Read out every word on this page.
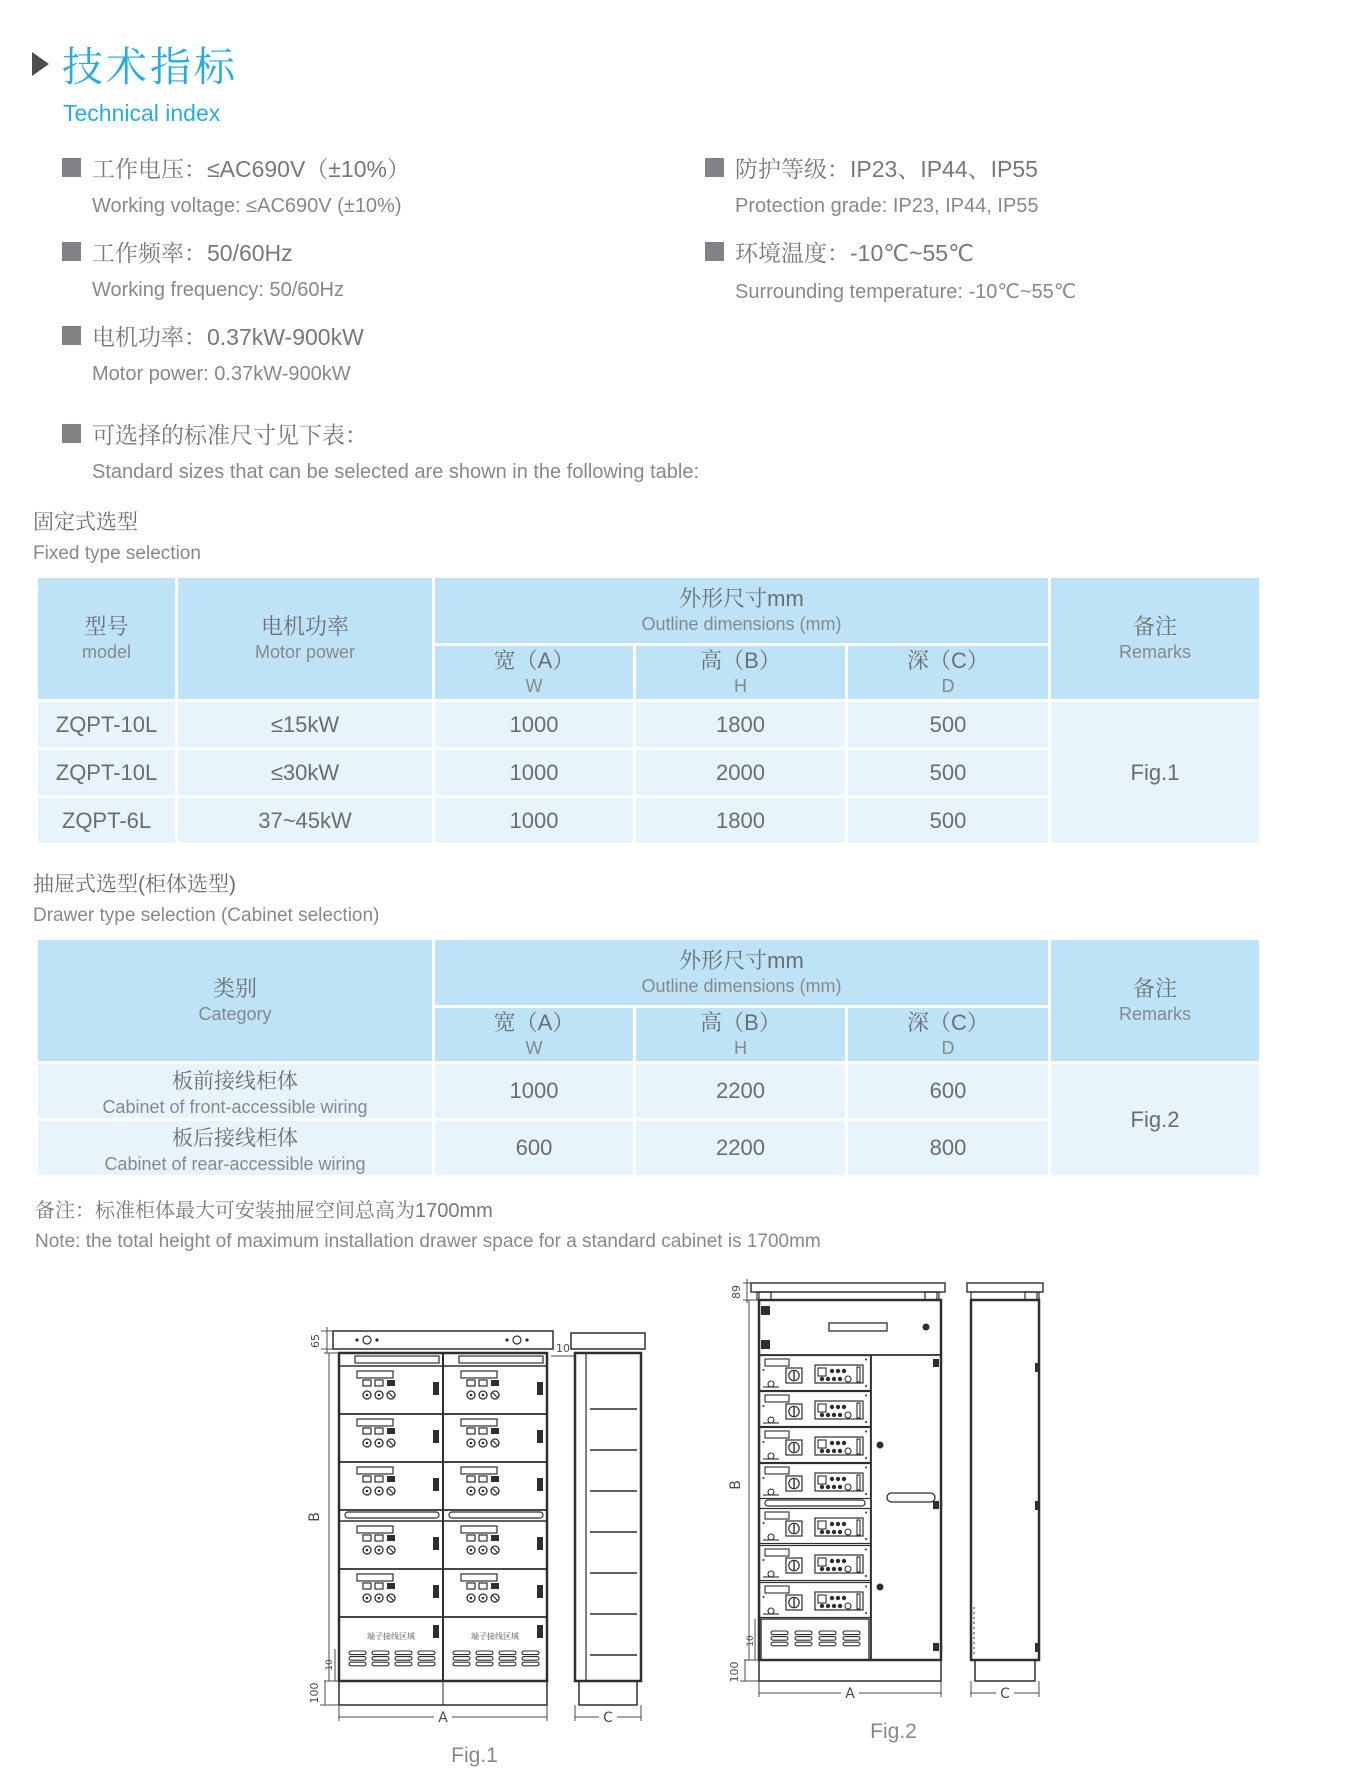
技术指标
Technical index
工作电压：≤AC690V（±10%）
Working voltage: ≤AC690V (±10%)
工作频率：50/60Hz
Working frequency: 50/60Hz
电机功率：0.37kW-900kW
Motor power: 0.37kW-900kW
防护等级：IP23、IP44、IP55
Protection grade: IP23, IP44, IP55
环境温度：-10℃~55℃
Surrounding temperature: -10℃~55℃
可选择的标准尺寸见下表：
Standard sizes that can be selected are shown in the following table:
固定式选型
Fixed type selection
型号
model

电机功率
Motor power

外形尺寸mm
Outline dimensions (mm)	备注
Remarks

宽（A）
W

高（B）
H

深（C）
D

ZQPT-10L	≤15kW	1000	1800	500	Fig.1
ZQPT-10L	≤30kW	1000	2000	500	
ZQPT-6L	37~45kW	1000	1800	500	
抽屉式选型(柜体选型)
Drawer type selection (Cabinet selection)
类别
Category

外形尺寸mm
Outline dimensions (mm)	备注
Remarks

宽（A）
W

高（B）
H

深（C）
D

板前接线柜体
Cabinet of front-accessible wiring	1000	2200	600	Fig.2

板后接线柜体
Cabinet of rear-accessible wiring	600	2200	800	
备注：标准柜体最大可安装抽屉空间总高为1700mm
Note: the total height of maximum installation drawer space for a standard cabinet is 1700mm
端子接线区域	端子接线区域
65
10
B
10
100
A	C
Fig.1
89
B
10
100
A	C
Fig.2
